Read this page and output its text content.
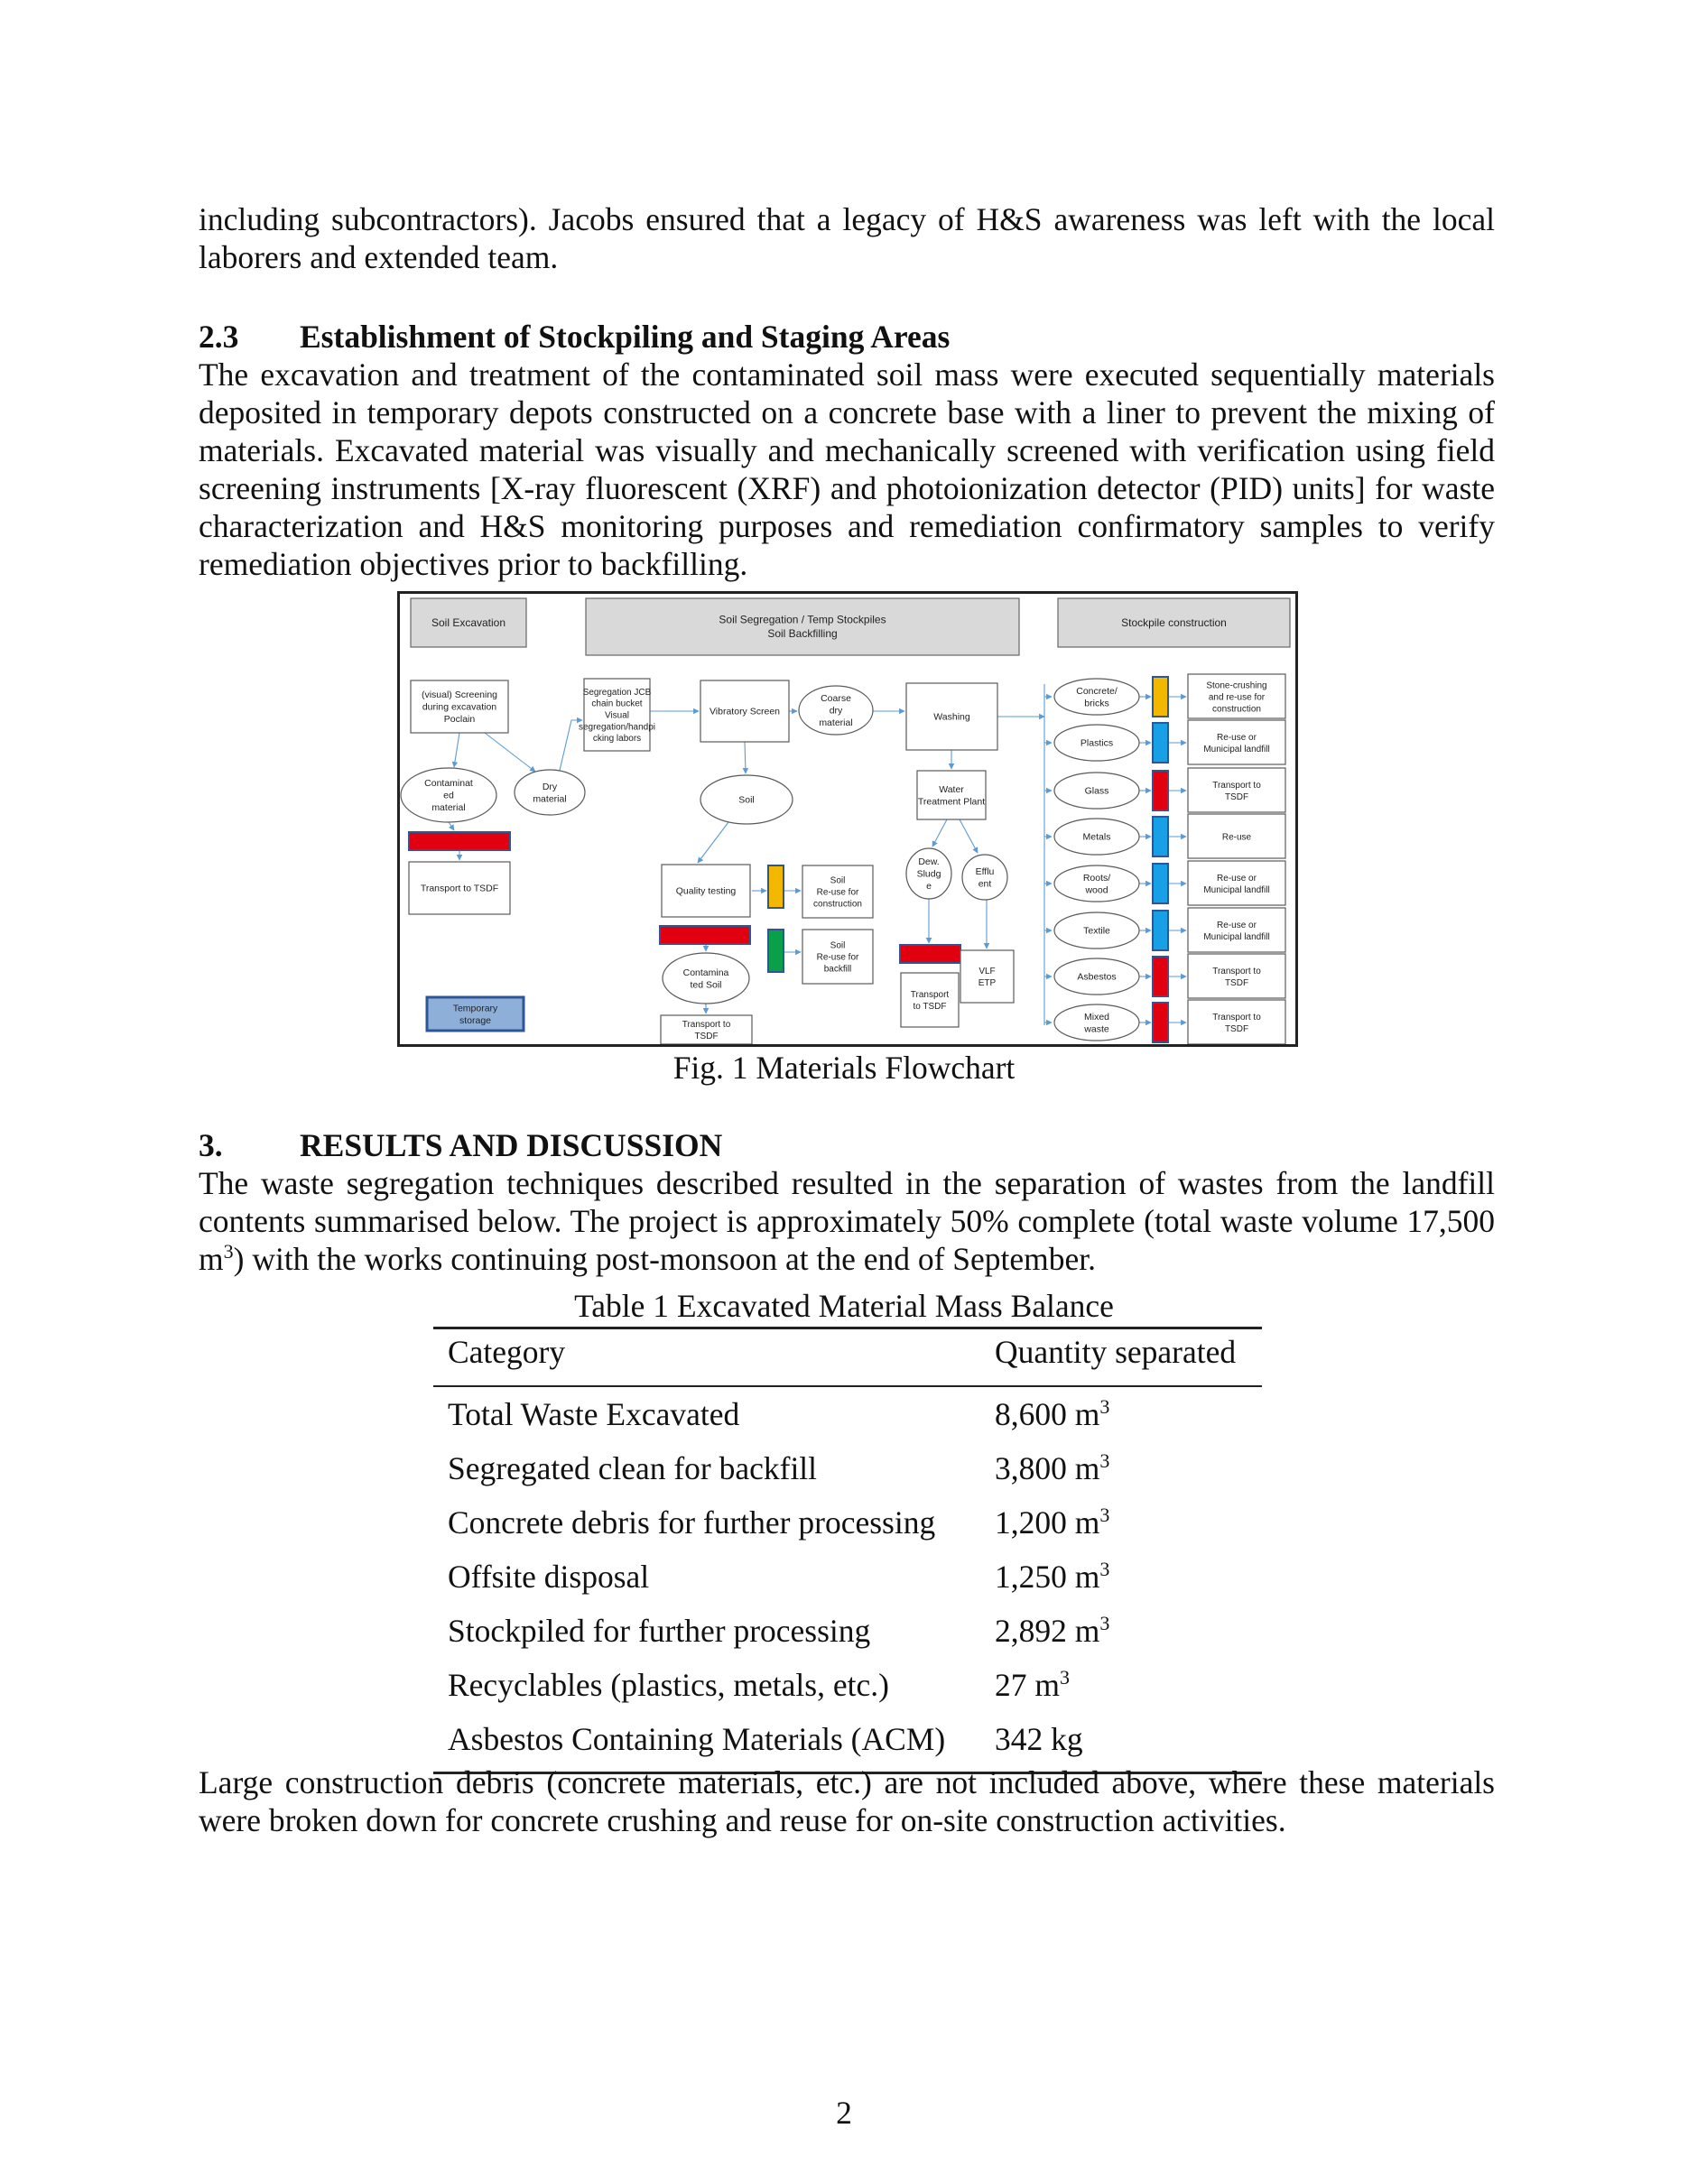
including subcontractors). Jacobs ensured that a legacy of H&S awareness was left with the local laborers and extended team.

2.3 Establishment of Stockpiling and Staging Areas

The excavation and treatment of the contaminated soil mass were executed sequentially materials deposited in temporary depots constructed on a concrete base with a liner to prevent the mixing of materials. Excavated material was visually and mechanically screened with verification using field screening instruments [X-ray fluorescent (XRF) and photoionization detector (PID) units] for waste characterization and H&S monitoring purposes and remediation confirmatory samples to verify remediation objectives prior to backfilling.

Soil Excavation	Soil Segregation / Temp Stockpiles
Soil Backfilling
Stockpile construction
(visual) Screening
during excavation
Poclain
Contaminat
ed
material
Dry
material
Transport to TSDF
Temporary
storage
Segregation JCB
chain bucket
Visual
segregation/handpi
cking labors
Vibratory Screen
Coarse
dry
material
Washing
Water
Treatment Plant
Soil
Quality testing
Soil
Re-use for
construction
Soil
Re-use for
backfill
Contamina
ted Soil
Transport to
TSDF
Dew.
Sludg
e
Efflu
ent
Transport
to TSDF
VLF
ETP
Concrete/
bricks
Stone-crushing
and re-use for
construction
Plastics
Re-use or
Municipal landfill
Glass
Transport to
TSDF
Metals	Re-use
Roots/
wood
Re-use or
Municipal landfill
Textile
Re-use or
Municipal landfill
Asbestos
Transport to
TSDF
Mixed
waste
Transport to
TSDF

Fig. 1 Materials Flowchart

3. RESULTS AND DISCUSSION

The waste segregation techniques described resulted in the separation of wastes from the landfill contents summarised below. The project is approximately 50% complete (total waste volume 17,500 $m^3$) with the works continuing post-monsoon at the end of September.

Table 1 Excavated Material Mass Balance

Category	Quantity separated
Total Waste Excavated	8,600 $m^3$
Segregated clean for backfill	3,800 $m^3$
Concrete debris for further processing	1,200 $m^3$
Offsite disposal	1,250 $m^3$
Stockpiled for further processing	2,892 $m^3$
Recyclables (plastics, metals, etc.)	27 $m^3$
Asbestos Containing Materials (ACM)	342 kg

Large construction debris (concrete materials, etc.) are not included above, where these materials were broken down for concrete crushing and reuse for on-site construction activities.

2
